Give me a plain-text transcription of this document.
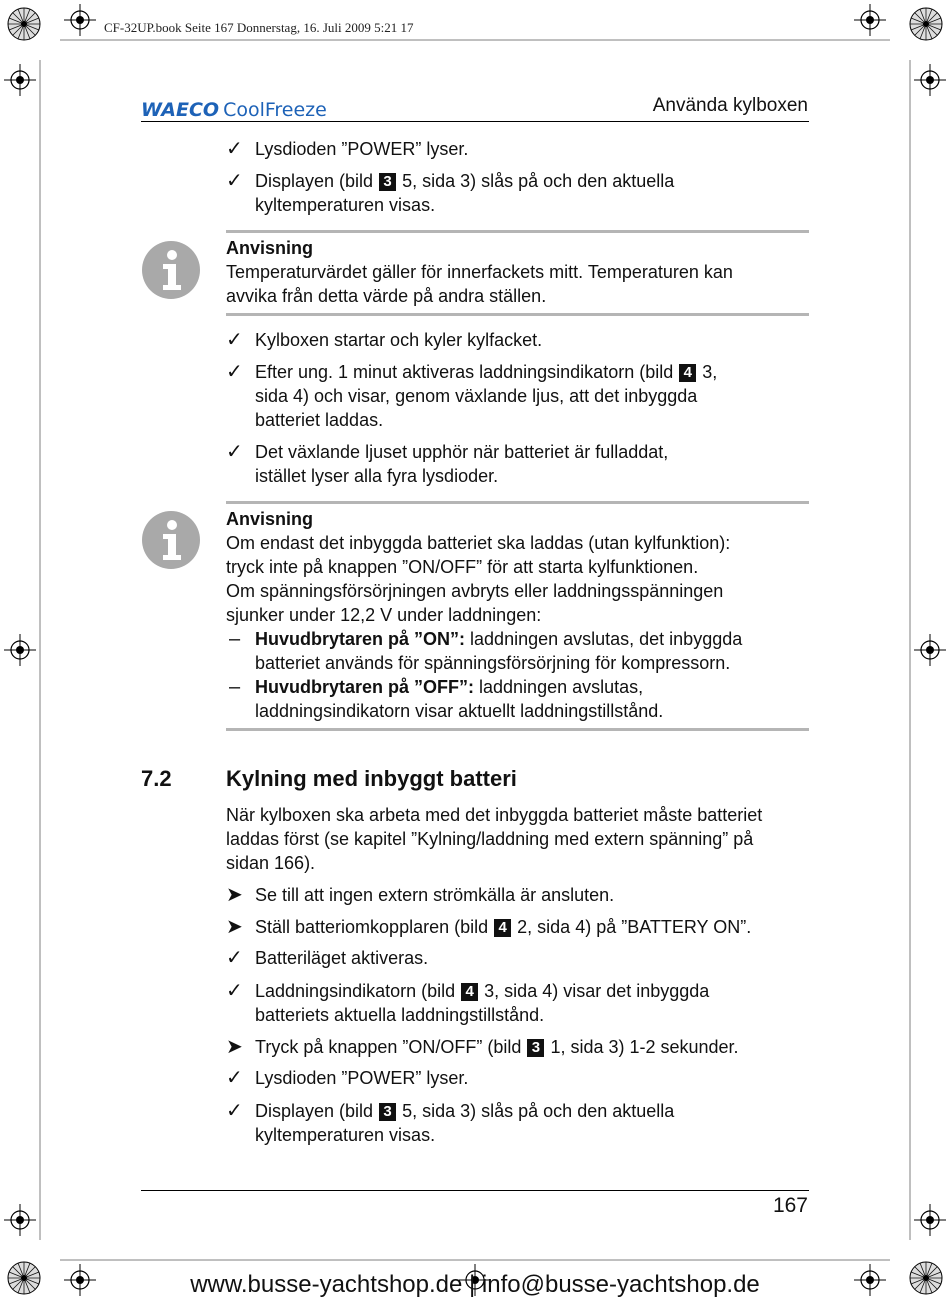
CF-32UP.book Seite 167 Donnerstag, 16. Juli 2009 5:21 17
WAECO CoolFreeze	Använda kylboxen
✓ Lysdioden ”POWER” lyser.
✓ Displayen (bild 3 5, sida 3) slås på och den aktuella
kyltemperaturen visas.
Anvisning
Temperaturvärdet gäller för innerfackets mitt. Temperaturen kan
avvika från detta värde på andra ställen.
✓ Kylboxen startar och kyler kylfacket.
✓ Efter ung. 1 minut aktiveras laddningsindikatorn (bild 4 3,
sida 4) och visar, genom växlande ljus, att det inbyggda
batteriet laddas.
✓ Det växlande ljuset upphör när batteriet är fulladdat,
istället lyser alla fyra lysdioder.
Anvisning
Om endast det inbyggda batteriet ska laddas (utan kylfunktion):
tryck inte på knappen ”ON/OFF” för att starta kylfunktionen.
Om spänningsförsörjningen avbryts eller laddningsspänningen
sjunker under 12,2 V under laddningen:
– Huvudbrytaren på ”ON”: laddningen avslutas, det inbyggda
batteriet används för spänningsförsörjning för kompressorn.
– Huvudbrytaren på ”OFF”: laddningen avslutas,
laddningsindikatorn visar aktuellt laddningstillstånd.
7.2 Kylning med inbyggt batteri
När kylboxen ska arbeta med det inbyggda batteriet måste batteriet
laddas först (se kapitel ”Kylning/laddning med extern spänning” på
sidan 166).
➤ Se till att ingen extern strömkälla är ansluten.
➤ Ställ batteriomkopplaren (bild 4 2, sida 4) på ”BATTERY ON”.
✓ Batteriläget aktiveras.
✓ Laddningsindikatorn (bild 4 3, sida 4) visar det inbyggda
batteriets aktuella laddningstillstånd.
➤ Tryck på knappen ”ON/OFF” (bild 3 1, sida 3) 1-2 sekunder.
✓ Lysdioden ”POWER” lyser.
✓ Displayen (bild 3 5, sida 3) slås på och den aktuella
kyltemperaturen visas.
167
www.busse-yachtshop.de | info@busse-yachtshop.de
